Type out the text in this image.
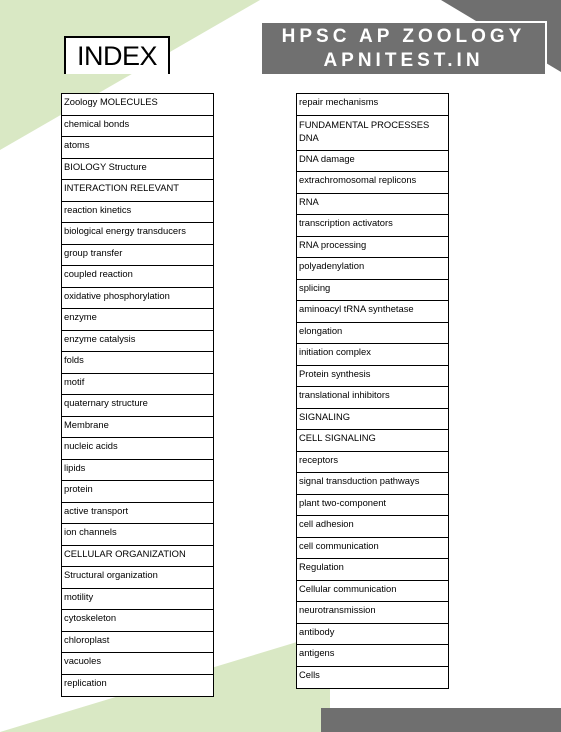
HPSC AP ZOOLOGY
APNITEST.IN
INDEX
Zoology MOLECULES
chemical bonds
atoms
BIOLOGY Structure
INTERACTION RELEVANT
reaction kinetics
biological energy transducers
group transfer
coupled reaction
oxidative phosphorylation
enzyme
enzyme catalysis
folds
motif
quaternary structure
Membrane
nucleic acids
lipids
protein
active transport
ion channels
CELLULAR ORGANIZATION
Structural organization
motility
cytoskeleton
chloroplast
vacuoles
replication
repair mechanisms
FUNDAMENTAL PROCESSES DNA
DNA damage
extrachromosomal replicons
RNA
transcription activators
RNA processing
polyadenylation
splicing
aminoacyl tRNA synthetase
elongation
initiation complex
Protein synthesis
translational inhibitors
SIGNALING
CELL SIGNALING
receptors
signal transduction pathways
plant two-component
cell adhesion
cell communication
Regulation
Cellular communication
neurotransmission
antibody
antigens
Cells
